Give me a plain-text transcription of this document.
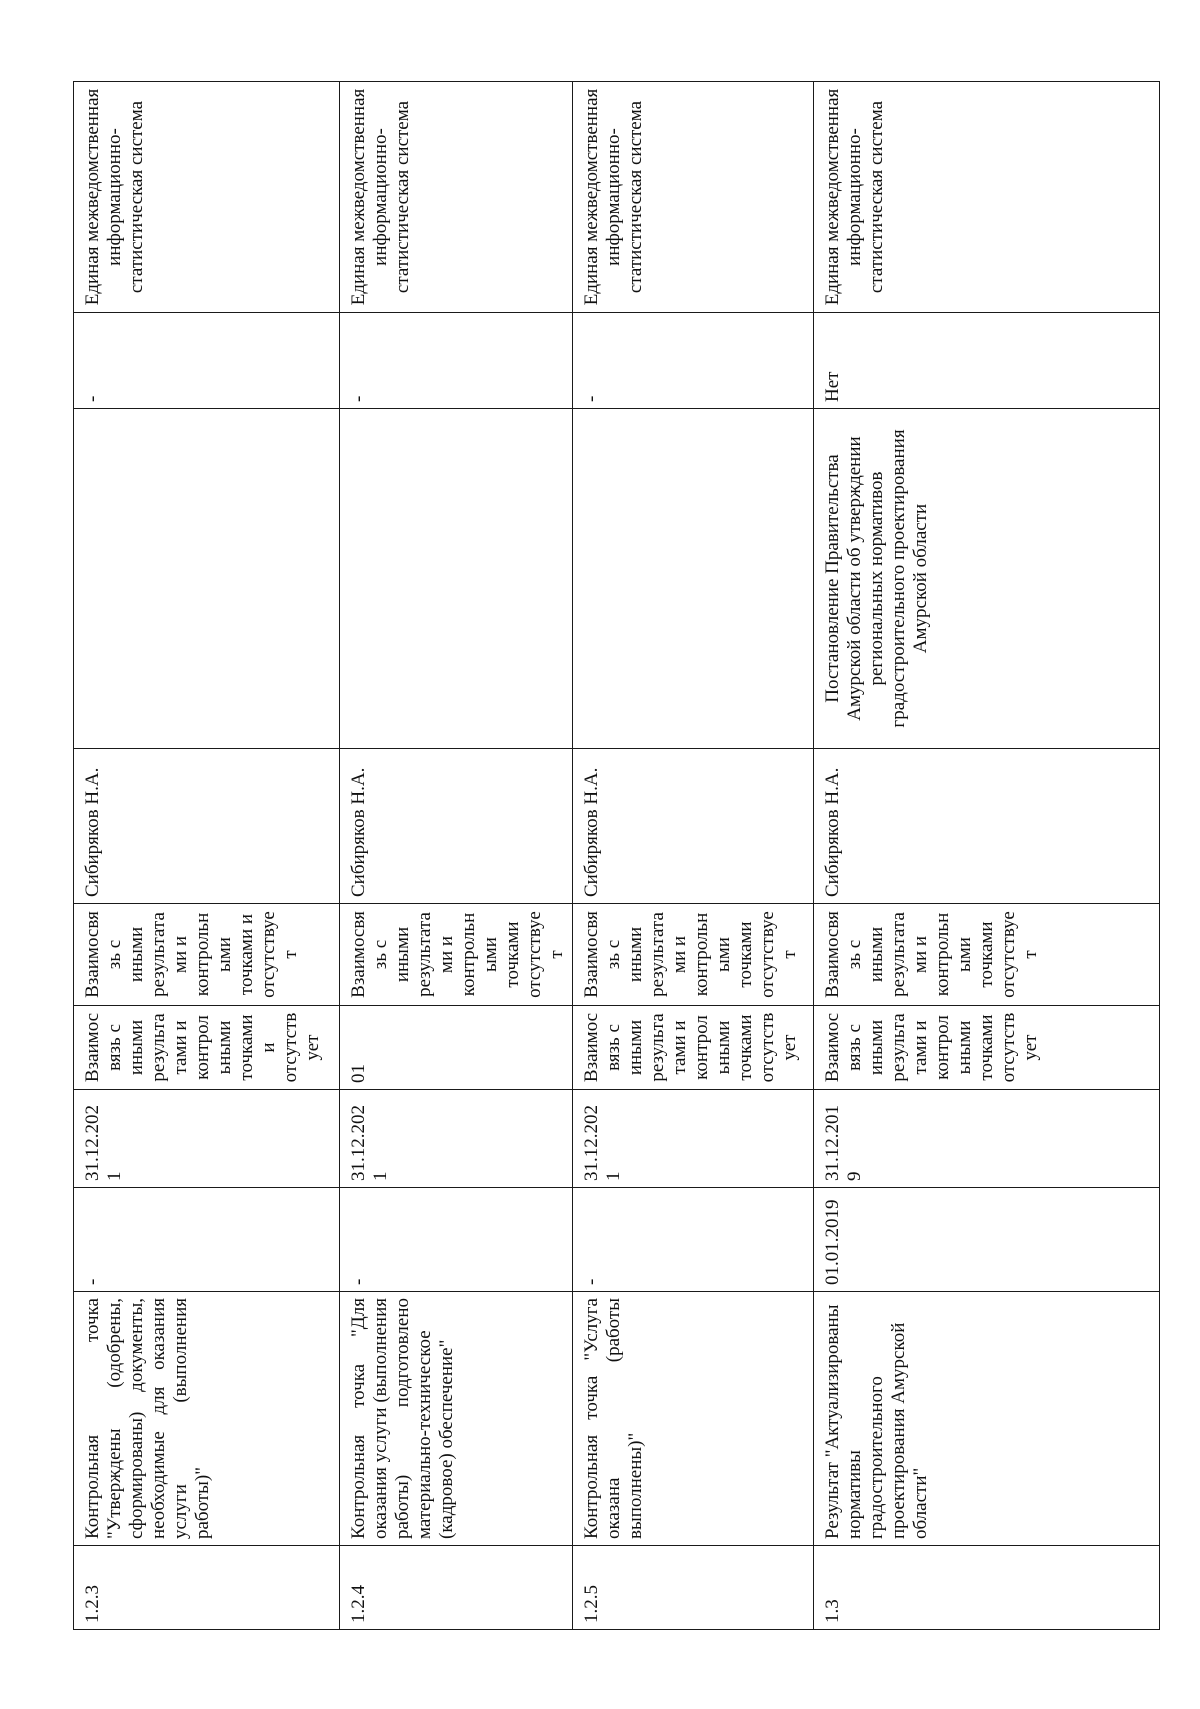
1.2.3	Контрольная точка "Утверждены (одобрены, сформированы) документы, необходимые для оказания услуги (выполнения работы)"	-	31.12.2021	Взаимосвязь с иными результатами и контрольными точками и отсутствует	Взаимосвязь с иными результатами и контрольными точками и отсутствует	Сибиряков Н.А.		-	Единая межведомственная информационно-статистическая система
1.2.4	Контрольная точка "Для оказания услуги (выполнения работы) подготовлено материально-техническое (кадровое) обеспечение"	-	31.12.2021	01	Взаимосвязь с иными результатами и контрольными точками отсутствует	Сибиряков Н.А.		-	Единая межведомственная информационно-статистическая система
1.2.5	Контрольная точка "Услуга оказана (работы выполнены)"	-	31.12.2021	Взаимосвязь с иными результатами и контрольными точками отсутствует	Взаимосвязь с иными результатами и контрольными точками отсутствует	Сибиряков Н.А.		-	Единая межведомственная информационно-статистическая система
1.3	Результат "Актуализированы нормативы градостроительного проектирования Амурской области"	01.01.2019	31.12.2019	Взаимосвязь с иными результатами и контрольными точками отсутствует	Взаимосвязь с иными результатами и контрольными точками отсутствует	Сибиряков Н.А.	Постановление Правительства Амурской области об утверждении региональных нормативов градостроительного проектирования Амурской области	Нет	Единая межведомственная информационно-статистическая система
